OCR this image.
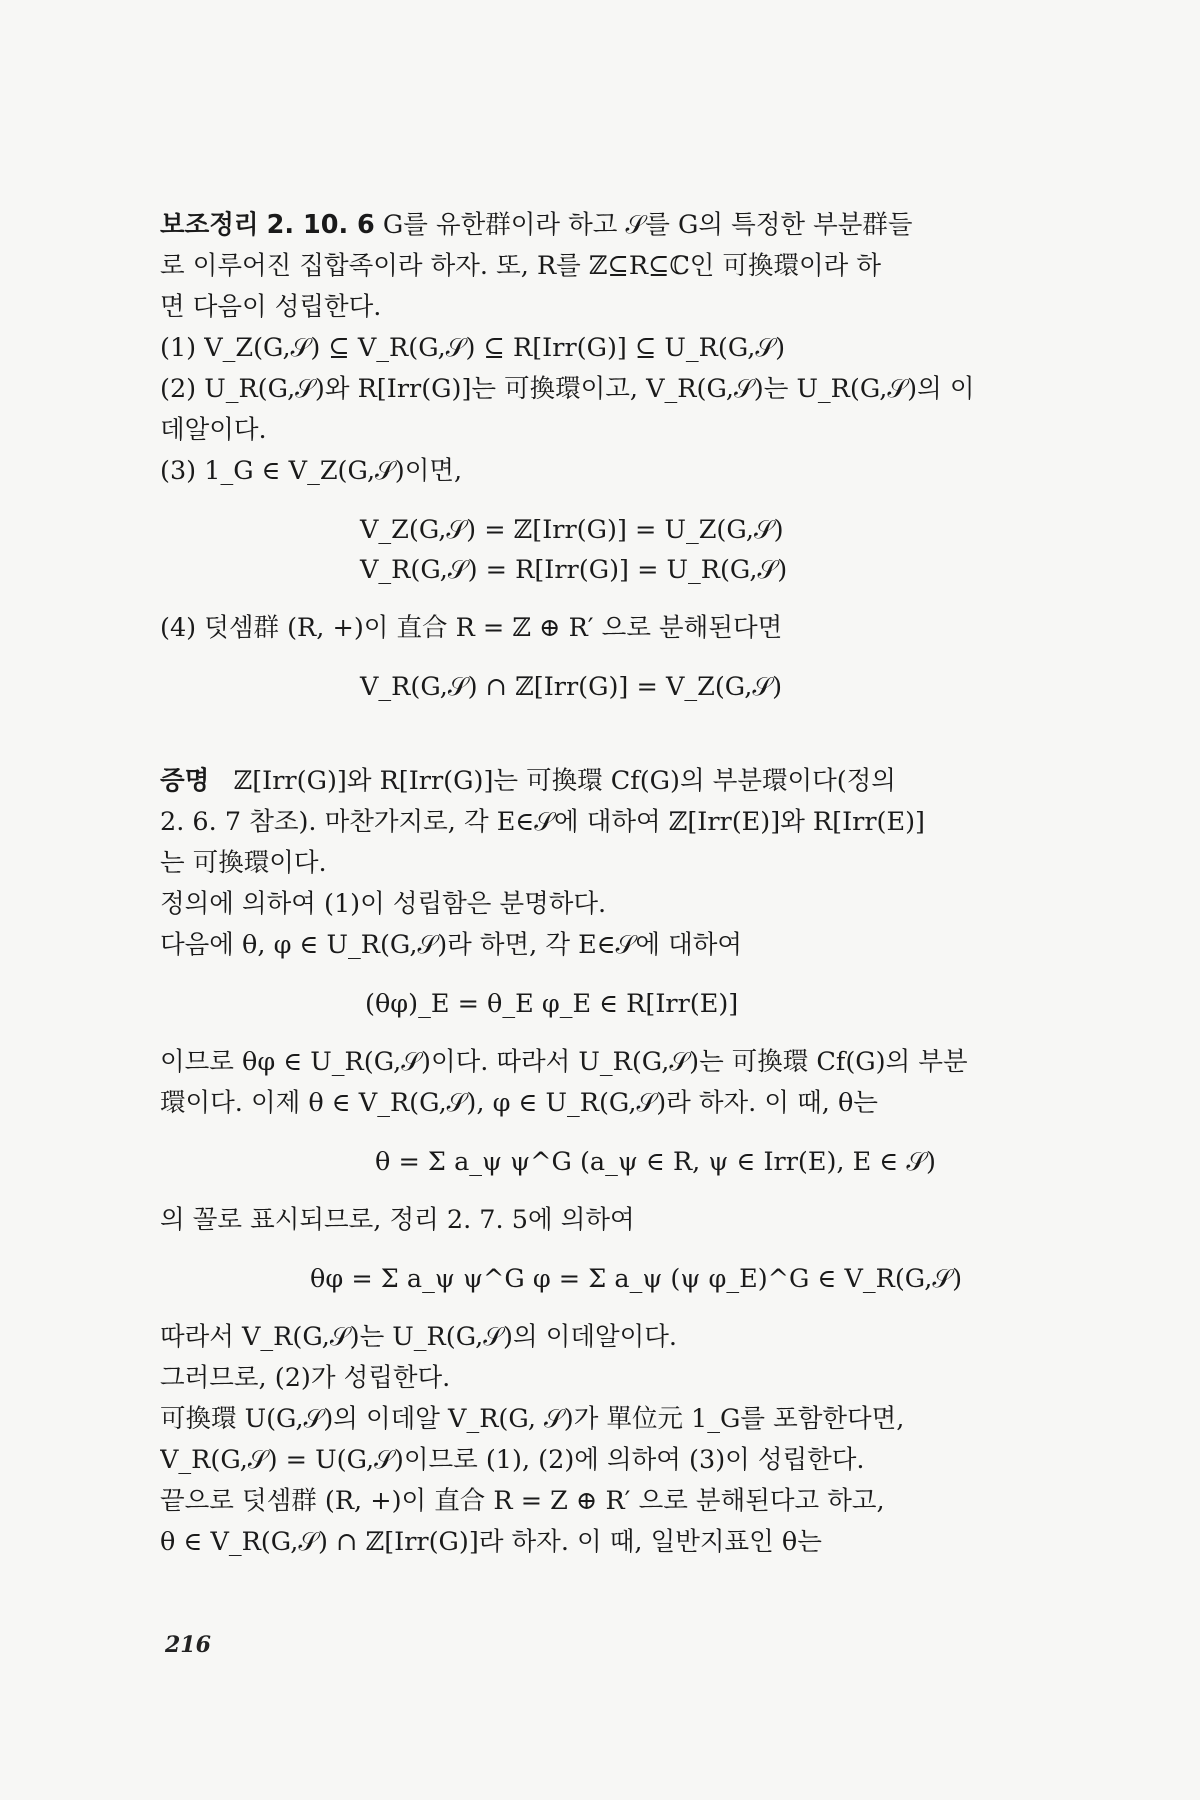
보조정리 2. 10. 6 G를 유한群이라 하고 𝒮를 G의 특정한 부분群들
로 이루어진 집합족이라 하자. 또, R를 ℤ⊆R⊆ℂ인 可換環이라 하
면 다음이 성립한다.
(1) V_Z(G,𝒮) ⊆ V_R(G,𝒮) ⊆ R[Irr(G)] ⊆ U_R(G,𝒮)
(2) U_R(G,𝒮)와 R[Irr(G)]는 可換環이고, V_R(G,𝒮)는 U_R(G,𝒮)의 이
데알이다.
(3) 1_G ∈ V_Z(G,𝒮)이면,
V_Z(G,𝒮) = ℤ[Irr(G)] = U_Z(G,𝒮)
V_R(G,𝒮) = R[Irr(G)] = U_R(G,𝒮)
(4) 덧셈群 (R, +)이 直合 R = ℤ ⊕ R′ 으로 분해된다면
V_R(G,𝒮) ∩ ℤ[Irr(G)] = V_Z(G,𝒮)
증명 ℤ[Irr(G)]와 R[Irr(G)]는 可換環 Cf(G)의 부분環이다(정의
2. 6. 7 참조). 마찬가지로, 각 E∈𝒮에 대하여 ℤ[Irr(E)]와 R[Irr(E)]
는 可換環이다.
정의에 의하여 (1)이 성립함은 분명하다.
다음에 θ, φ ∈ U_R(G,𝒮)라 하면, 각 E∈𝒮에 대하여
(θφ)_E = θ_E φ_E ∈ R[Irr(E)]
이므로 θφ ∈ U_R(G,𝒮)이다. 따라서 U_R(G,𝒮)는 可換環 Cf(G)의 부분
環이다. 이제 θ ∈ V_R(G,𝒮), φ ∈ U_R(G,𝒮)라 하자. 이 때, θ는
θ = Σ a_ψ ψ^G (a_ψ ∈ R, ψ ∈ Irr(E), E ∈ 𝒮)
의 꼴로 표시되므로, 정리 2. 7. 5에 의하여
θφ = Σ a_ψ ψ^G φ = Σ a_ψ (ψ φ_E)^G ∈ V_R(G,𝒮)
따라서 V_R(G,𝒮)는 U_R(G,𝒮)의 이데알이다.
그러므로, (2)가 성립한다.
可換環 U(G,𝒮)의 이데알 V_R(G, 𝒮)가 單位元 1_G를 포함한다면,
V_R(G,𝒮) = U(G,𝒮)이므로 (1), (2)에 의하여 (3)이 성립한다.
끝으로 덧셈群 (R, +)이 直合 R = Z ⊕ R′ 으로 분해된다고 하고,
θ ∈ V_R(G,𝒮) ∩ ℤ[Irr(G)]라 하자. 이 때, 일반지표인 θ는
216
